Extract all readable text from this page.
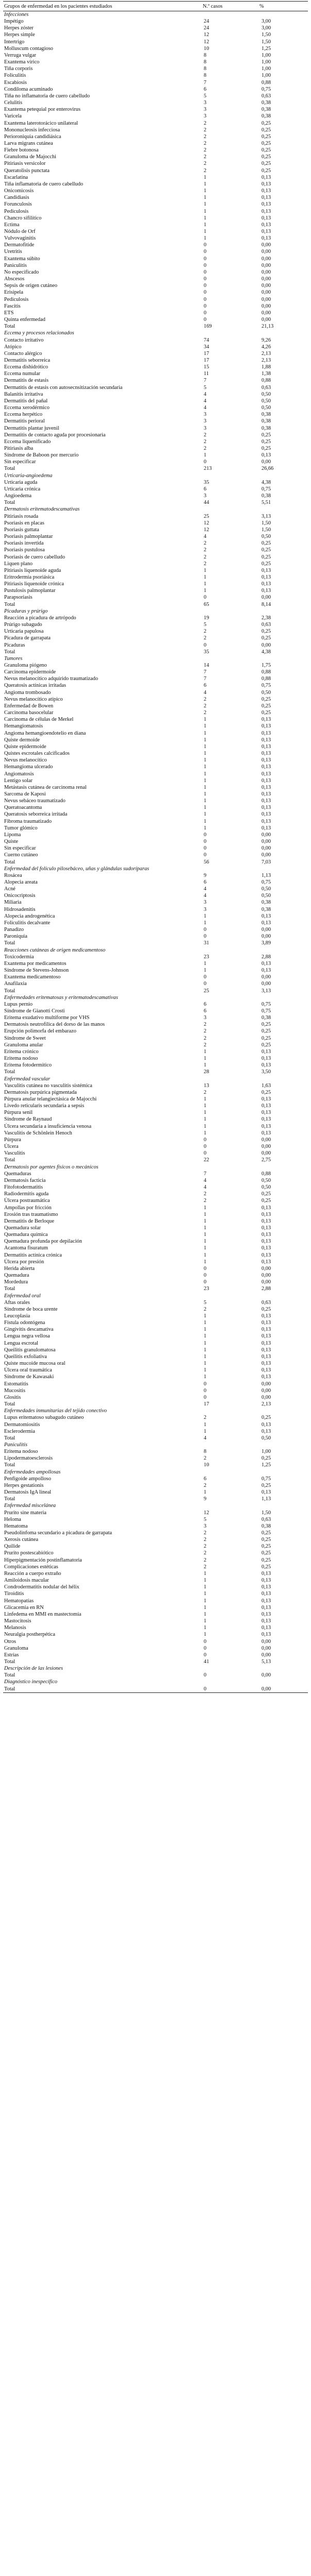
Grupos de enfermedad en los pacientes estudiados	N.º casos	%
Infecciones		
Impétigo	24	3,00
Herpes zóster	24	3,00
Herpes simple	12	1,50
Intertrigo	12	1,50
Molluscum contagioso	10	1,25
Verruga vulgar	8	1,00
Exantema vírico	8	1,00
Tiña corporis	8	1,00
Foliculitis	8	1,00
Escabiosis	7	0,88
Condiloma acuminado	6	0,75
Tiña no inflamatoria de cuero cabelludo	5	0,63
Celulitis	3	0,38
Exantema petequial por enterovirus	3	0,38
Varicela	3	0,38
Exantema laterotorácico unilateral	2	0,25
Mononucleosis infecciosa	2	0,25
Perioroniquia candidiásica	2	0,25
Larva migrans cutánea	2	0,25
Fiebre botonosa	2	0,25
Granuloma de Majocchi	2	0,25
Pitiriasis versicolor	2	0,25
Queratolisis punctata	2	0,25
Escarlatina	1	0,13
Tiña inflamatoria de cuero cabelludo	1	0,13
Onicomicosis	1	0,13
Candidiasis	1	0,13
Forunculosis	1	0,13
Pediculosis	1	0,13
Chancro sifilítico	1	0,13
Ectima	1	0,13
Nódulo de Orf	1	0,13
Vulvovaginitis	1	0,13
Dermatofitide	0	0,00
Uretritis	0	0,00
Exantema súbito	0	0,00
Paniculitis	0	0,00
No especificado	0	0,00
Abscesos	0	0,00
Sepsis de origen cutáneo	0	0,00
Erisipela	0	0,00
Pediculosis	0	0,00
Fascitis	0	0,00
ETS	0	0,00
Quinta enfermedad	0	0,00
Total	169	21,13
Eccema y procesos relacionados		
Contacto irritativo	74	9,26
Atópico	34	4,26
Contacto alérgico	17	2,13
Dermatitis seborreica	17	2,13
Eccema dishidrótico	15	1,88
Eccema numular	11	1,38
Dermatitis de estasis	7	0,88
Dermatitis de estasis con autosecnsitización secundaria	5	0,63
Balanitis irritativa	4	0,50
Dermatitis del pañal	4	0,50
Eccema xerodérmico	4	0,50
Eccema herpético	3	0,38
Dermatitis perioral	3	0,38
Dermatitis plantar juvenil	3	0,38
Dermatitis de contacto aguda por procesionaria	2	0,25
Eccema liquenificado	2	0,25
Pitiriasis alba	2	0,25
Síndrome de Baboon por mercurio	1	0,13
Sin especificar	0	0,00
Total	213	26,66
Urticaria-angioedema		
Urticaria aguda	35	4,38
Urticaria crónica	6	0,75
Angioedema	3	0,38
Total	44	5,51
Dermatosis eritematodescamativas		
Pitiriasis rosada	25	3,13
Psoriasis en placas	12	1,50
Psoriasis guttata	12	1,50
Psoriasis palmoplantar	4	0,50
Psoriasis invertida	2	0,25
Psoriasis pustulosa	2	0,25
Psoriasis de cuero cabelludo	2	0,25
Liquen plano	2	0,25
Pitiriasis liquenoide aguda	1	0,13
Eritrodermia psoriásica	1	0,13
Pitiriasis liquenoide crónica	1	0,13
Pustulosis palmoplantar	1	0,13
Parapsoriasis	0	0,00
Total	65	8,14
Picaduras y prúrigo		
Reacción a picadura de artrópodo	19	2,38
Prúrigo subagudo	5	0,63
Urticaria papulosa	2	0,25
Picadura de garrapata	2	0,25
Picaduras	0	0,00
Total	35	4,38
Tumores		
Granuloma piógeno	14	1,75
Carcinoma epidermoide	7	0,88
Nevus melanocítico adquirido traumatizado	7	0,88
Queratosis actínicas irritadas	6	0,75
Angioma trombosado	4	0,50
Nevus melanocítico atípico	2	0,25
Enfermedad de Bowen	2	0,25
Carcinoma basocelular	2	0,25
Carcinoma de células de Merkel	1	0,13
Hemangiomatosis	1	0,13
Angioma hemangioendotelio en diana	1	0,13
Quiste dermoide	1	0,13
Quiste epidermoide	1	0,13
Quistes escrotales calcificados	1	0,13
Nevus melanocítico	1	0,13
Hemangioma ulcerado	1	0,13
Angiomatosis	1	0,13
Lentigo solar	1	0,13
Metástasis cutánea de carcinoma renal	1	0,13
Sarcoma de Kaposi	1	0,13
Nevus sebáceo traumatizado	1	0,13
Queratoacantoma	1	0,13
Queratosis seborreica irritada	1	0,13
Fibroma traumatizado	1	0,13
Tumor glómico	1	0,13
Lipoma	0	0,00
Quiste	0	0,00
Sin especificar	0	0,00
Cuerno cutáneo	0	0,00
Total	56	7,03
Enfermedad del folículo pilosebáceo, uñas y glándulas sudoríparas		
Rosácea	9	1,13
Alopecia areata	6	0,75
Acné	4	0,50
Onicocriptosis	4	0,50
Miliaria	3	0,38
Hidrosadenitis	3	0,38
Alopecia androgenética	1	0,13
Foliculitis decalvante	1	0,13
Panadizo	0	0,00
Paroniquia	0	0,00
Total	31	3,89
Reacciones cutáneas de origen medicamentoso		
Toxicodermia	23	2,88
Exantema por medicamentos	1	0,13
Síndrome de Stevens-Johnson	1	0,13
Exantema medicamentoso	0	0,00
Anafilaxia	0	0,00
Total	25	3,13
Enfermedades eritematosas y eritematodescamativas		
Lupus pernio	6	0,75
Síndrome de Gianotti Crosti	6	0,75
Eritema exudativo multiforme por VHS	3	0,38
Dermatosis neutrofílica del dorso de las manos	2	0,25
Erupción polimorfa del embarazo	2	0,25
Síndrome de Sweet	2	0,25
Granuloma anular	2	0,25
Eritema crónico	1	0,13
Eritema nodoso	1	0,13
Eritema fotodermitico	1	0,13
Total	28	3,50
Enfermedad vascular		
Vasculitis cutánea no vasculitis sistémica	13	1,63
Dermatosis purpúrica pigmentada	2	0,25
Púrpura anular telangiectásica de Majocchi	1	0,13
Livedo reticularis secundaria a sepsis	1	0,13
Púrpura senil	1	0,13
Síndrome de Raynaud	1	0,13
Úlcera secundaria a insuficiencia venosa	1	0,13
Vasculitis de Schönlein Henoch	1	0,13
Púrpura	0	0,00
Úlcera	0	0,00
Vasculitis	0	0,00
Total	22	2,75
Dermatosis por agentes físicos o mecánicos		
Quemaduras	7	0,88
Dermatosis facticia	4	0,50
Fitofotodermatitis	4	0,50
Radiodermitis aguda	2	0,25
Úlcera postraumática	2	0,25
Ampollas por fricción	1	0,13
Erosión tras traumatismo	1	0,13
Dermatitis de Berloque	1	0,13
Quemadura solar	1	0,13
Quemadura química	1	0,13
Quemadura profunda por depilación	1	0,13
Acantoma fisuratum	1	0,13
Dermatitis actínica crónica	1	0,13
Úlcera por presión	1	0,13
Herida abierta	0	0,00
Quemadura	0	0,00
Mordedura	0	0,00
Total	23	2,88
Enfermedad oral		
Aftas orales	5	0,63
Síndrome de boca urente	2	0,25
Leucoplasia	1	0,13
Fístula odontógena	1	0,13
Gingivitis descamativa	1	0,13
Lengua negra vellosa	1	0,13
Lengua escrotal	1	0,13
Queilitis granulomatosa	1	0,13
Queilitis exfoliativa	1	0,13
Quiste mucoide mucosa oral	1	0,13
Úlcera oral traumática	1	0,13
Síndrome de Kawasaki	1	0,13
Estomatitis	0	0,00
Mucositis	0	0,00
Glositis	0	0,00
Total	17	2,13
Enfermedades inmunitarias del tejido conectivo		
Lupus eritematoso subagudo cutáneo	2	0,25
Dermatomiositis	1	0,13
Esclerodermia	1	0,13
Total	4	0,50
Paniculitis		
Eritema nodoso	8	1,00
Lipodermatoesclerosis	2	0,25
Total	10	1,25
Enfermedades ampollosas		
Penfigoide ampolloso	6	0,75
Herpes gestationis	2	0,25
Dermatosis IgA lineal	1	0,13
Total	9	1,13
Enfermedad miscelánea		
Prurito sine materia	12	1,50
Heloma	5	0,63
Hematoma	3	0,38
Pseudolinfoma secundario a picadura de garrapata	2	0,25
Xerosis cutánea	2	0,25
Quilide	2	0,25
Prurito postescabiótico	2	0,25
Hiperpigmentación postinflamatoria	2	0,25
Complicaciones estéticas	2	0,25
Reacción a cuerpo extraño	1	0,13
Amiloidosis macular	1	0,13
Condrodermatitis nodular del hélix	1	0,13
Tiroiditis	1	0,13
Hematopatías	1	0,13
Glicacemia en RN	1	0,13
Linfedema en MMI en mastectomía	1	0,13
Mastocitosis	1	0,13
Melanosis	1	0,13
Neuralgia postherpética	1	0,13
Otros	0	0,00
Granuloma	0	0,00
Estrías	0	0,00
Total	41	5,13
Descripción de las lesiones		
Total	0	0,00
Diagnóstico inespecífico		
Total	0	0,00
